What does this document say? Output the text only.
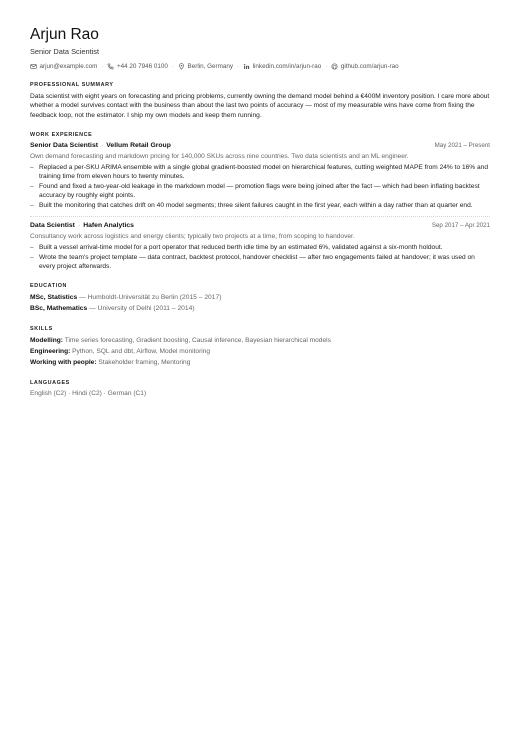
Arjun Rao
Senior Data Scientist
arjun@example.com · +44 20 7946 0100 · Berlin, Germany · linkedin.com/in/arjun-rao · github.com/arjun-rao
PROFESSIONAL SUMMARY
Data scientist with eight years on forecasting and pricing problems, currently owning the demand model behind a €400M inventory position. I care more about whether a model survives contact with the business than about the last two points of accuracy — most of my measurable wins have come from fixing the feedback loop, not the estimator. I ship my own models and keep them running.
WORK EXPERIENCE
Senior Data Scientist · Vellum Retail Group	May 2021 – Present
Own demand forecasting and markdown pricing for 140,000 SKUs across nine countries. Two data scientists and an ML engineer.
– Replaced a per-SKU ARIMA ensemble with a single global gradient-boosted model on hierarchical features, cutting weighted MAPE from 24% to 16% and training time from eleven hours to twenty minutes.
– Found and fixed a two-year-old leakage in the markdown model — promotion flags were being joined after the fact — which had been inflating backtest accuracy by roughly eight points.
– Built the monitoring that catches drift on 40 model segments; three silent failures caught in the first year, each within a day rather than at quarter end.
Data Scientist · Hafen Analytics	Sep 2017 – Apr 2021
Consultancy work across logistics and energy clients; typically two projects at a time, from scoping to handover.
– Built a vessel arrival-time model for a port operator that reduced berth idle time by an estimated 6%, validated against a six-month holdout.
– Wrote the team's project template — data contract, backtest protocol, handover checklist — after two engagements failed at handover; it was used on every project afterwards.
EDUCATION
MSc, Statistics — Humboldt-Universität zu Berlin (2015 – 2017)
BSc, Mathematics — University of Delhi (2011 – 2014)
SKILLS
Modelling: Time series forecasting, Gradient boosting, Causal inference, Bayesian hierarchical models
Engineering: Python, SQL and dbt, Airflow, Model monitoring
Working with people: Stakeholder framing, Mentoring
LANGUAGES
English (C2) · Hindi (C2) · German (C1)
